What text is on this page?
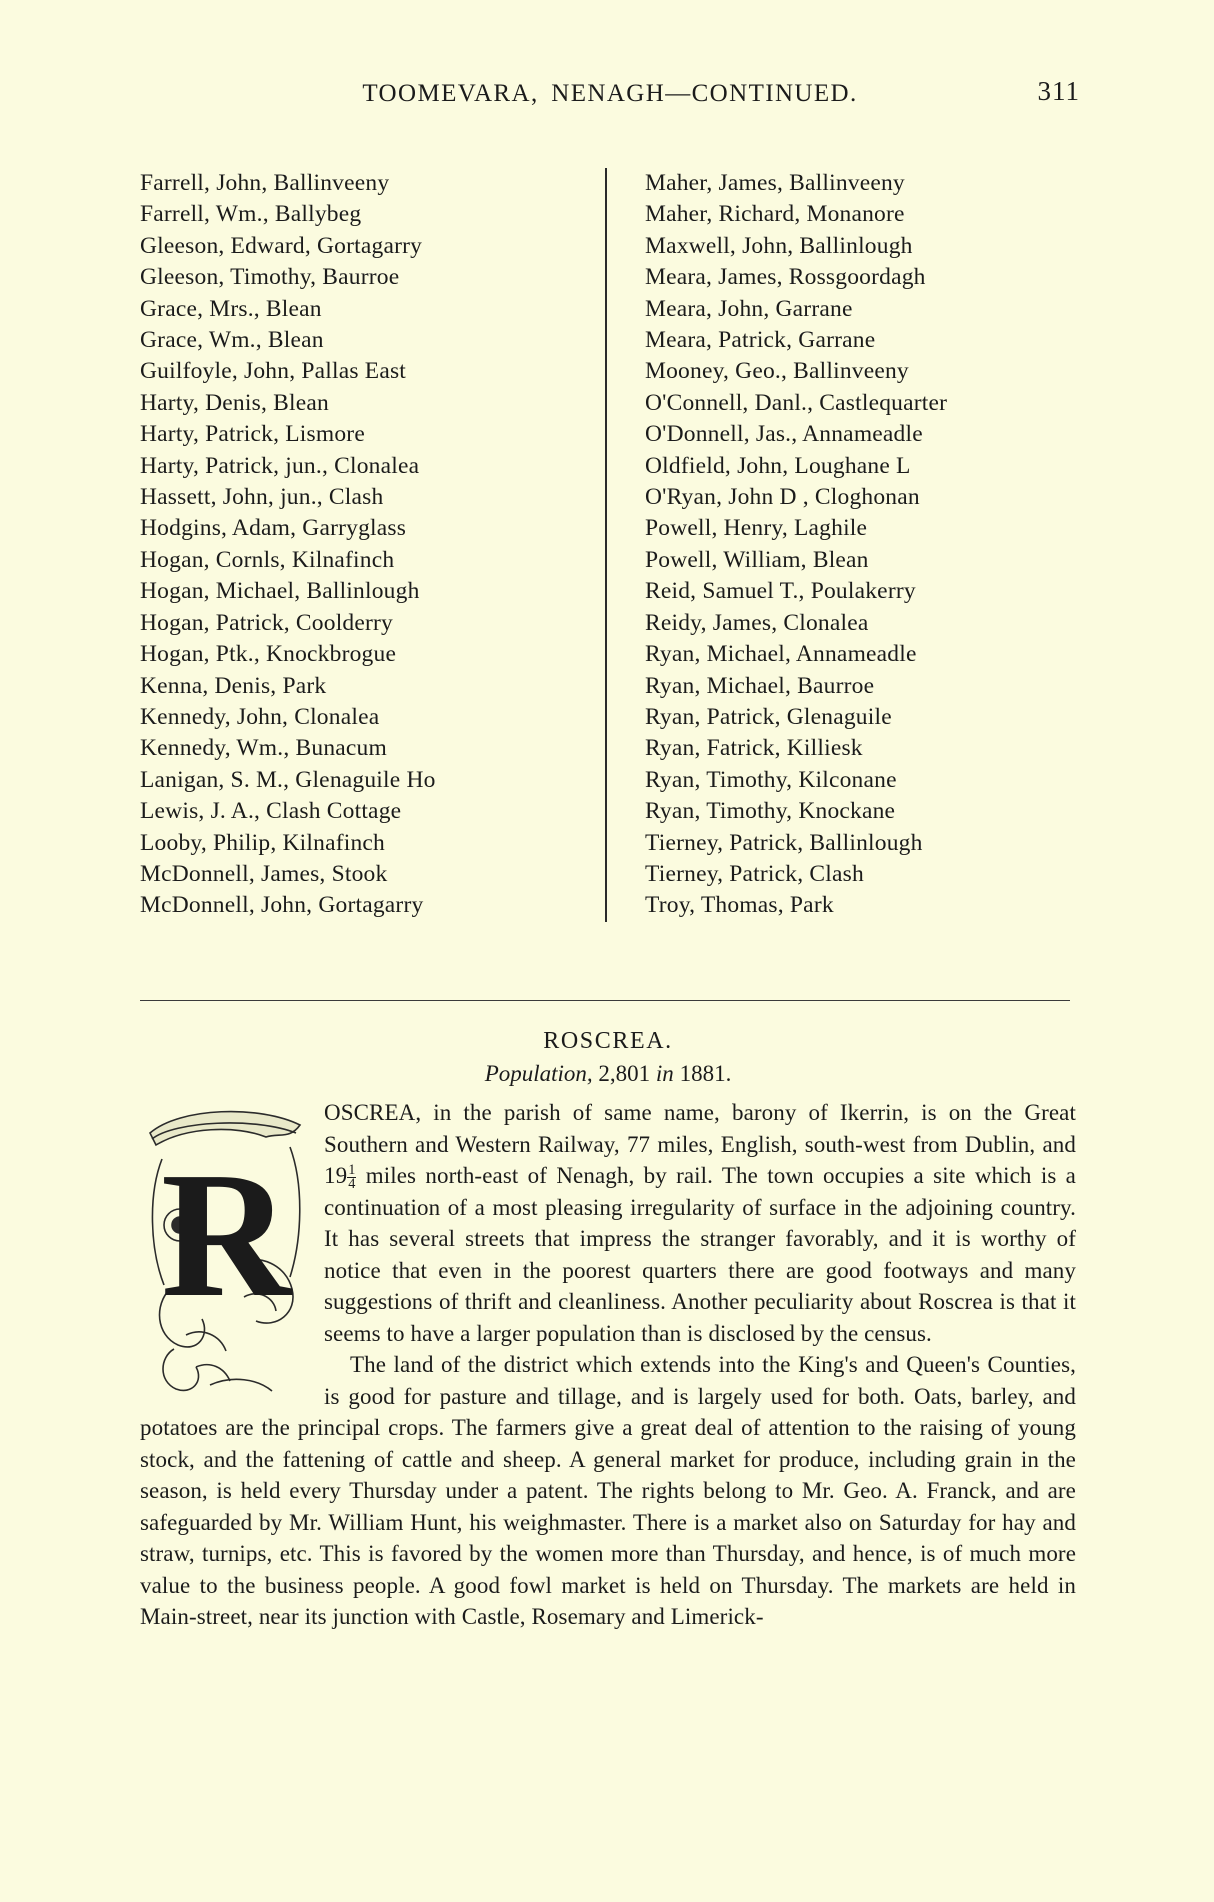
TOOMEVARA, NENAGH—CONTINUED.	311
Farrell, John, Ballinveeny
Farrell, Wm., Ballybeg
Gleeson, Edward, Gortagarry
Gleeson, Timothy, Baurroe
Grace, Mrs., Blean
Grace, Wm., Blean
Guilfoyle, John, Pallas East
Harty, Denis, Blean
Harty, Patrick, Lismore
Harty, Patrick, jun., Clonalea
Hassett, John, jun., Clash
Hodgins, Adam, Garryglass
Hogan, Cornls, Kilnafinch
Hogan, Michael, Ballinlough
Hogan, Patrick, Coolderry
Hogan, Ptk., Knockbrogue
Kenna, Denis, Park
Kennedy, John, Clonalea
Kennedy, Wm., Bunacum
Lanigan, S. M., Glenaguile Ho
Lewis, J. A., Clash Cottage
Looby, Philip, Kilnafinch
McDonnell, James, Stook
McDonnell, John, Gortagarry
Maher, James, Ballinveeny
Maher, Richard, Monanore
Maxwell, John, Ballinlough
Meara, James, Rossgoordagh
Meara, John, Garrane
Meara, Patrick, Garrane
Mooney, Geo., Ballinveeny
O'Connell, Danl., Castlequarter
O'Donnell, Jas., Annameadle
Oldfield, John, Loughane L
O'Ryan, John D , Cloghonan
Powell, Henry, Laghile
Powell, William, Blean
Reid, Samuel T., Poulakerry
Reidy, James, Clonalea
Ryan, Michael, Annameadle
Ryan, Michael, Baurroe
Ryan, Patrick, Glenaguile
Ryan, Fatrick, Killiesk
Ryan, Timothy, Kilconane
Ryan, Timothy, Knockane
Tierney, Patrick, Ballinlough
Tierney, Patrick, Clash
Troy, Thomas, Park
ROSCREA.
Population, 2,801 in 1881.
R

OSCREA, in the parish of same name, barony of Ikerrin, is on the Great Southern and Western Railway, 77 miles, English, south-west from Dublin, and $19 \frac{1}{4}$ miles north-east of Nenagh, by rail. The town occupies a site which is a continuation of a most pleasing irregularity of surface in the adjoining country. It has several streets that impress the stranger favorably, and it is worthy of notice that even in the poorest quarters there are good footways and many suggestions of thrift and cleanliness. Another peculiarity about Roscrea is that it seems to have a larger population than is disclosed by the census.

The land of the district which extends into the King's and Queen's Counties, is good for pasture and tillage, and is largely used for both. Oats, barley, and potatoes are the principal crops. The farmers give a great deal of attention to the raising of young stock, and the fattening of cattle and sheep. A general market for produce, including grain in the season, is held every Thursday under a patent. The rights belong to Mr. Geo. A. Franck, and are safeguarded by Mr. William Hunt, his weighmaster. There is a market also on Saturday for hay and straw, turnips, etc. This is favored by the women more than Thursday, and hence, is of much more value to the business people. A good fowl market is held on Thursday. The markets are held in Main-street, near its junction with Castle, Rosemary and Limerick-
